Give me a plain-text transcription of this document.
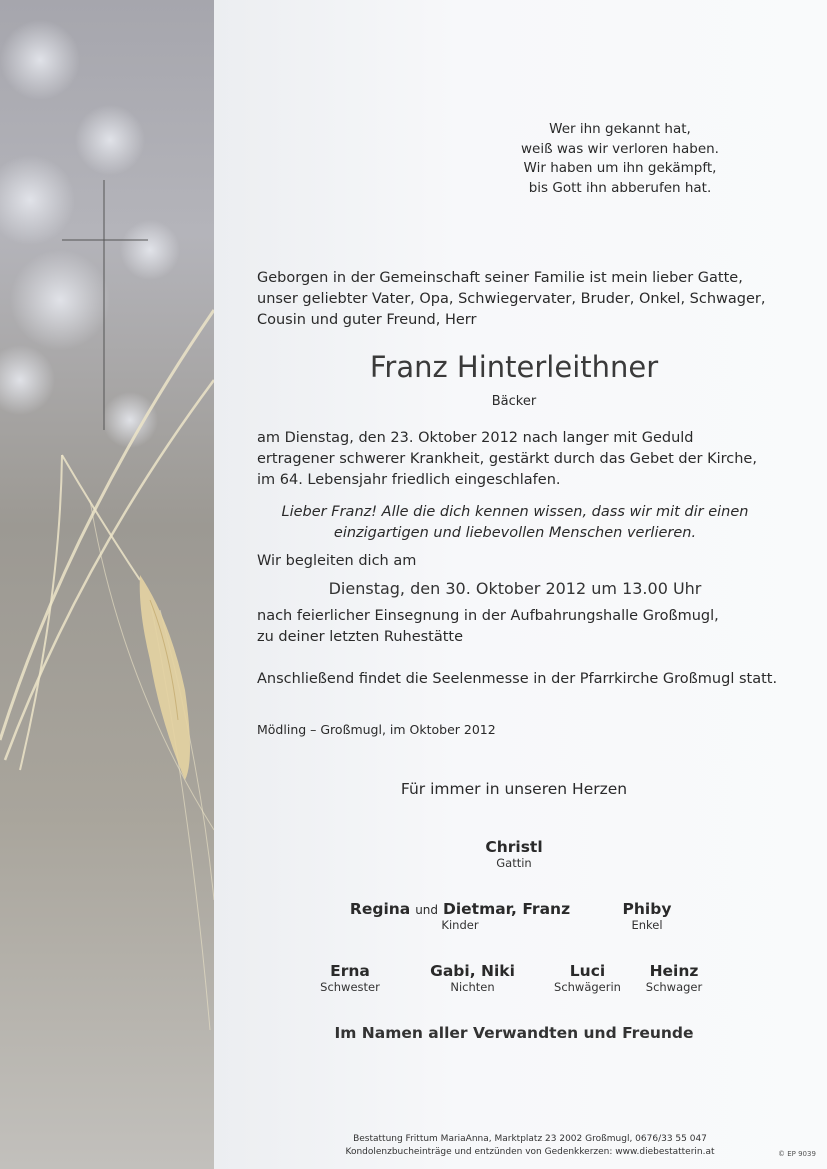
Wer ihn gekannt hat,
weiß was wir verloren haben.
Wir haben um ihn gekämpft,
bis Gott ihn abberufen hat.
Geborgen in der Gemeinschaft seiner Familie ist mein lieber Gatte,
unser geliebter Vater, Opa, Schwiegervater, Bruder, Onkel, Schwager,
Cousin und guter Freund, Herr
Franz Hinterleithner
Bäcker
am Dienstag, den 23. Oktober 2012 nach langer mit Geduld
ertragener schwerer Krankheit, gestärkt durch das Gebet der Kirche,
im 64. Lebensjahr friedlich eingeschlafen.
Lieber Franz! Alle die dich kennen wissen, dass wir mit dir einen
einzigartigen und liebevollen Menschen verlieren.
Wir begleiten dich am
Dienstag, den 30. Oktober 2012 um 13.00 Uhr
nach feierlicher Einsegnung in der Aufbahrungshalle Großmugl,
zu deiner letzten Ruhestätte
Anschließend findet die Seelenmesse in der Pfarrkirche Großmugl statt.
Mödling – Großmugl, im Oktober 2012
Für immer in unseren Herzen
Christl
Gattin
Regina und Dietmar, Franz
Kinder
Phiby
Enkel
Erna
Schwester
Gabi, Niki
Nichten
Luci
Schwägerin
Heinz
Schwager
Im Namen aller Verwandten und Freunde
Bestattung Frittum MariaAnna, Marktplatz 23 2002 Großmugl, 0676/33 55 047
Kondolenzbucheinträge und entzünden von Gedenkkerzen: www.diebestatterin.at	© EP 9039
